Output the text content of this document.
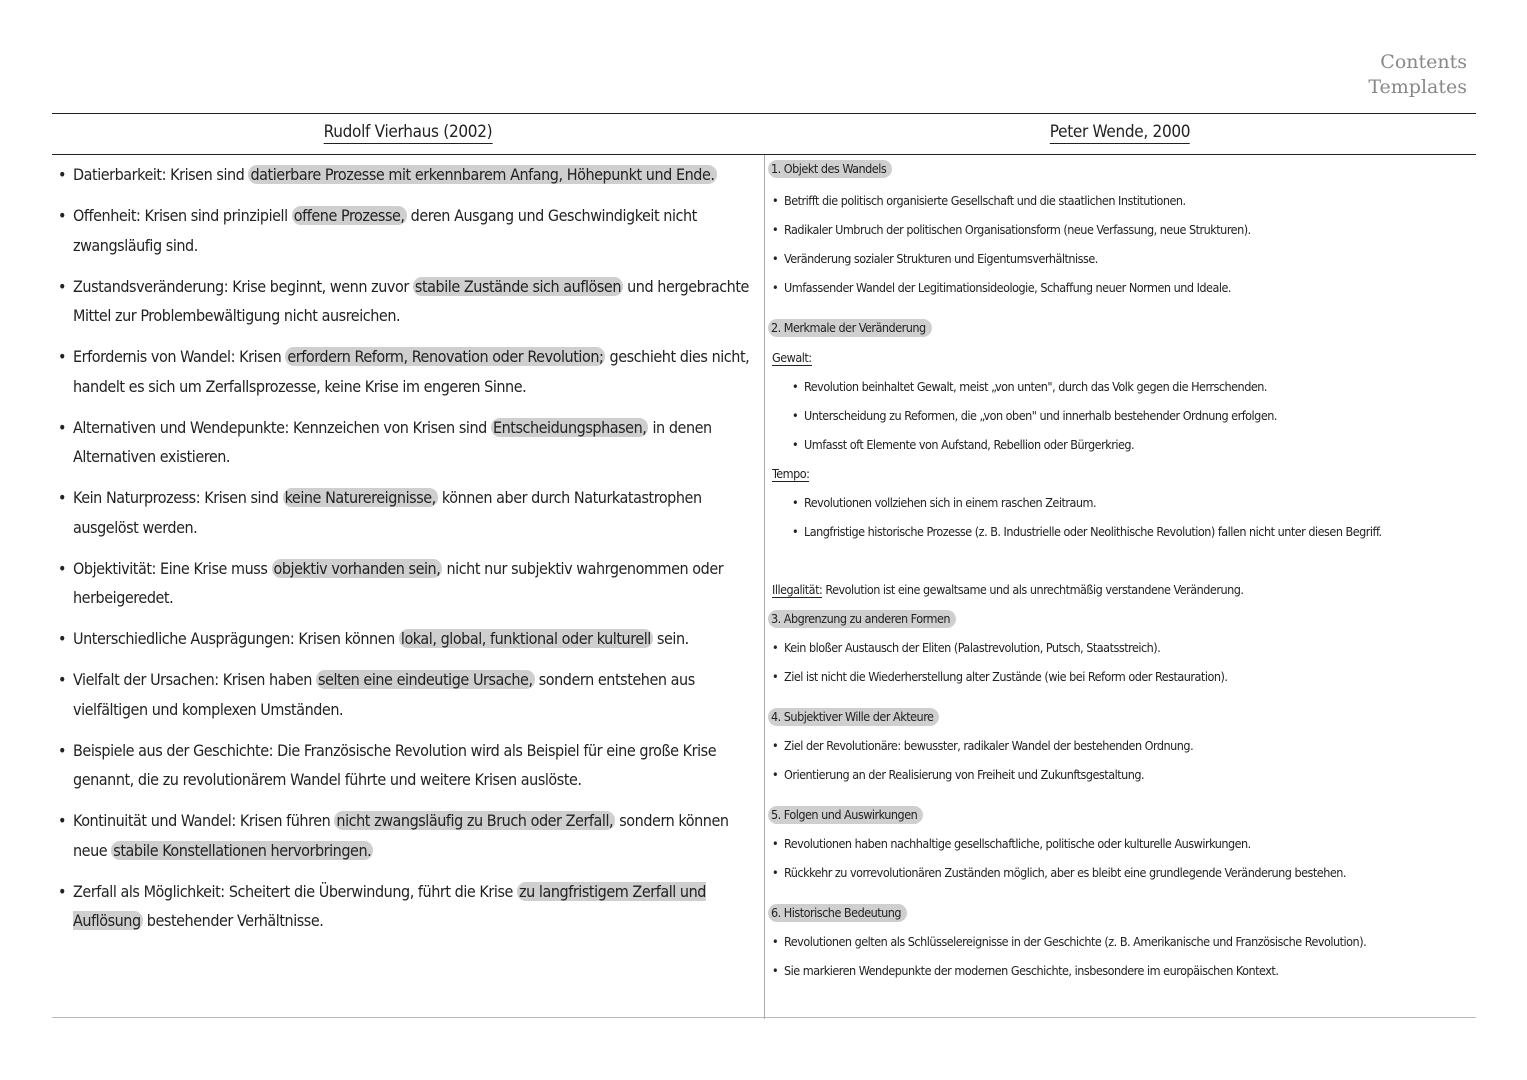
Contents
Templates
Rudolf Vierhaus (2002)	Peter Wende, 2000
• Datierbarkeit: Krisen sind datierbare Prozesse mit erkennbarem Anfang, Höhepunkt und Ende.
• Offenheit: Krisen sind prinzipiell offene Prozesse, deren Ausgang und Geschwindigkeit nicht zwangsläufig sind.
• Zustandsveränderung: Krise beginnt, wenn zuvor stabile Zustände sich auflösen und hergebrachte Mittel zur Problembewältigung nicht ausreichen.
• Erfordernis von Wandel: Krisen erfordern Reform, Renovation oder Revolution; geschieht dies nicht, handelt es sich um Zerfallsprozesse, keine Krise im engeren Sinne.
• Alternativen und Wendepunkte: Kennzeichen von Krisen sind Entscheidungsphasen, in denen Alternativen existieren.
• Kein Naturprozess: Krisen sind keine Naturereignisse, können aber durch Naturkatastrophen ausgelöst werden.
• Objektivität: Eine Krise muss objektiv vorhanden sein, nicht nur subjektiv wahrgenommen oder herbeigeredet.
• Unterschiedliche Ausprägungen: Krisen können lokal, global, funktional oder kulturell sein.
• Vielfalt der Ursachen: Krisen haben selten eine eindeutige Ursache, sondern entstehen aus vielfältigen und komplexen Umständen.
• Beispiele aus der Geschichte: Die Französische Revolution wird als Beispiel für eine große Krise genannt, die zu revolutionärem Wandel führte und weitere Krisen auslöste.
• Kontinuität und Wandel: Krisen führen nicht zwangsläufig zu Bruch oder Zerfall, sondern können neue stabile Konstellationen hervorbringen.
• Zerfall als Möglichkeit: Scheitert die Überwindung, führt die Krise zu langfristigem Zerfall und Auflösung bestehender Verhältnisse.
1. Objekt des Wandels
• Betrifft die politisch organisierte Gesellschaft und die staatlichen Institutionen.
• Radikaler Umbruch der politischen Organisationsform (neue Verfassung, neue Strukturen).
• Veränderung sozialer Strukturen und Eigentumsverhältnisse.
• Umfassender Wandel der Legitimationsideologie, Schaffung neuer Normen und Ideale.
2. Merkmale der Veränderung
Gewalt:
• Revolution beinhaltet Gewalt, meist „von unten", durch das Volk gegen die Herrschenden.
• Unterscheidung zu Reformen, die „von oben" und innerhalb bestehender Ordnung erfolgen.
• Umfasst oft Elemente von Aufstand, Rebellion oder Bürgerkrieg.
Tempo:
• Revolutionen vollziehen sich in einem raschen Zeitraum.
• Langfristige historische Prozesse (z. B. Industrielle oder Neolithische Revolution) fallen nicht unter diesen Begriff.
Illegalität: Revolution ist eine gewaltsame und als unrechtmäßig verstandene Veränderung.
3. Abgrenzung zu anderen Formen
• Kein bloßer Austausch der Eliten (Palastrevolution, Putsch, Staatsstreich).
• Ziel ist nicht die Wiederherstellung alter Zustände (wie bei Reform oder Restauration).
4. Subjektiver Wille der Akteure
• Ziel der Revolutionäre: bewusster, radikaler Wandel der bestehenden Ordnung.
• Orientierung an der Realisierung von Freiheit und Zukunftsgestaltung.
5. Folgen und Auswirkungen
• Revolutionen haben nachhaltige gesellschaftliche, politische oder kulturelle Auswirkungen.
• Rückkehr zu vorrevolutionären Zuständen möglich, aber es bleibt eine grundlegende Veränderung bestehen.
6. Historische Bedeutung
• Revolutionen gelten als Schlüsselereignisse in der Geschichte (z. B. Amerikanische und Französische Revolution).
• Sie markieren Wendepunkte der modernen Geschichte, insbesondere im europäischen Kontext.
